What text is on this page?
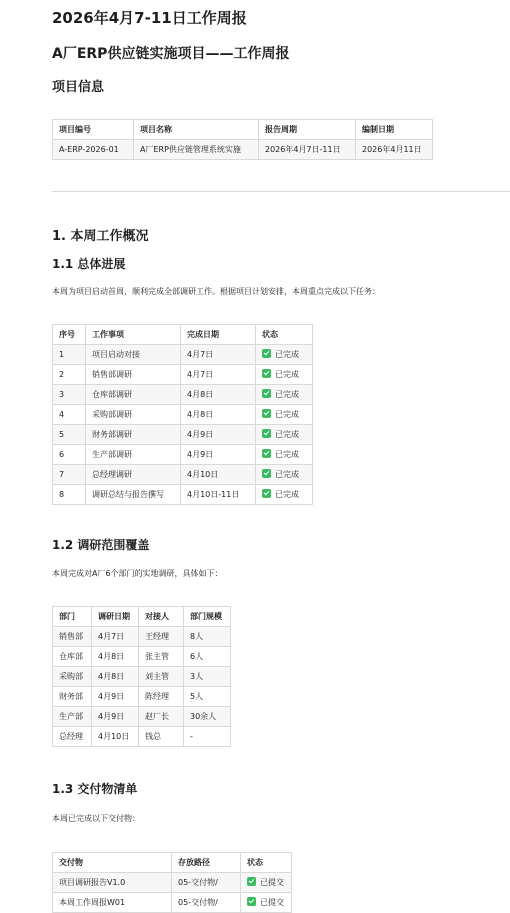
2026年4月7-11日工作周报
A厂ERP供应链实施项目——工作周报
项目信息
项目编号	项目名称	报告周期	编制日期
A-ERP-2026-01	A厂ERP供应链管理系统实施	2026年4月7日-11日	2026年4月11日
1. 本周工作概况
1.1 总体进展

本周为项目启动首周，顺利完成全部调研工作。根据项目计划安排，本周重点完成以下任务：

序号	工作事项	完成日期	状态
1	项目启动对接	4月7日	已完成
2	销售部调研	4月7日	已完成
3	仓库部调研	4月8日	已完成
4	采购部调研	4月8日	已完成
5	财务部调研	4月9日	已完成
6	生产部调研	4月9日	已完成
7	总经理调研	4月10日	已完成
8	调研总结与报告撰写	4月10日-11日	已完成
1.2 调研范围覆盖

本周完成对A厂6个部门的实地调研，具体如下：

部门	调研日期	对接人	部门规模
销售部	4月7日	王经理	8人
仓库部	4月8日	张主管	6人
采购部	4月8日	刘主管	3人
财务部	4月9日	陈经理	5人
生产部	4月9日	赵厂长	30余人
总经理	4月10日	钱总	-
1.3 交付物清单

本周已完成以下交付物：

交付物	存放路径	状态
项目调研报告V1.0	05-交付物/	已提交
本周工作周报W01	05-交付物/	已提交
